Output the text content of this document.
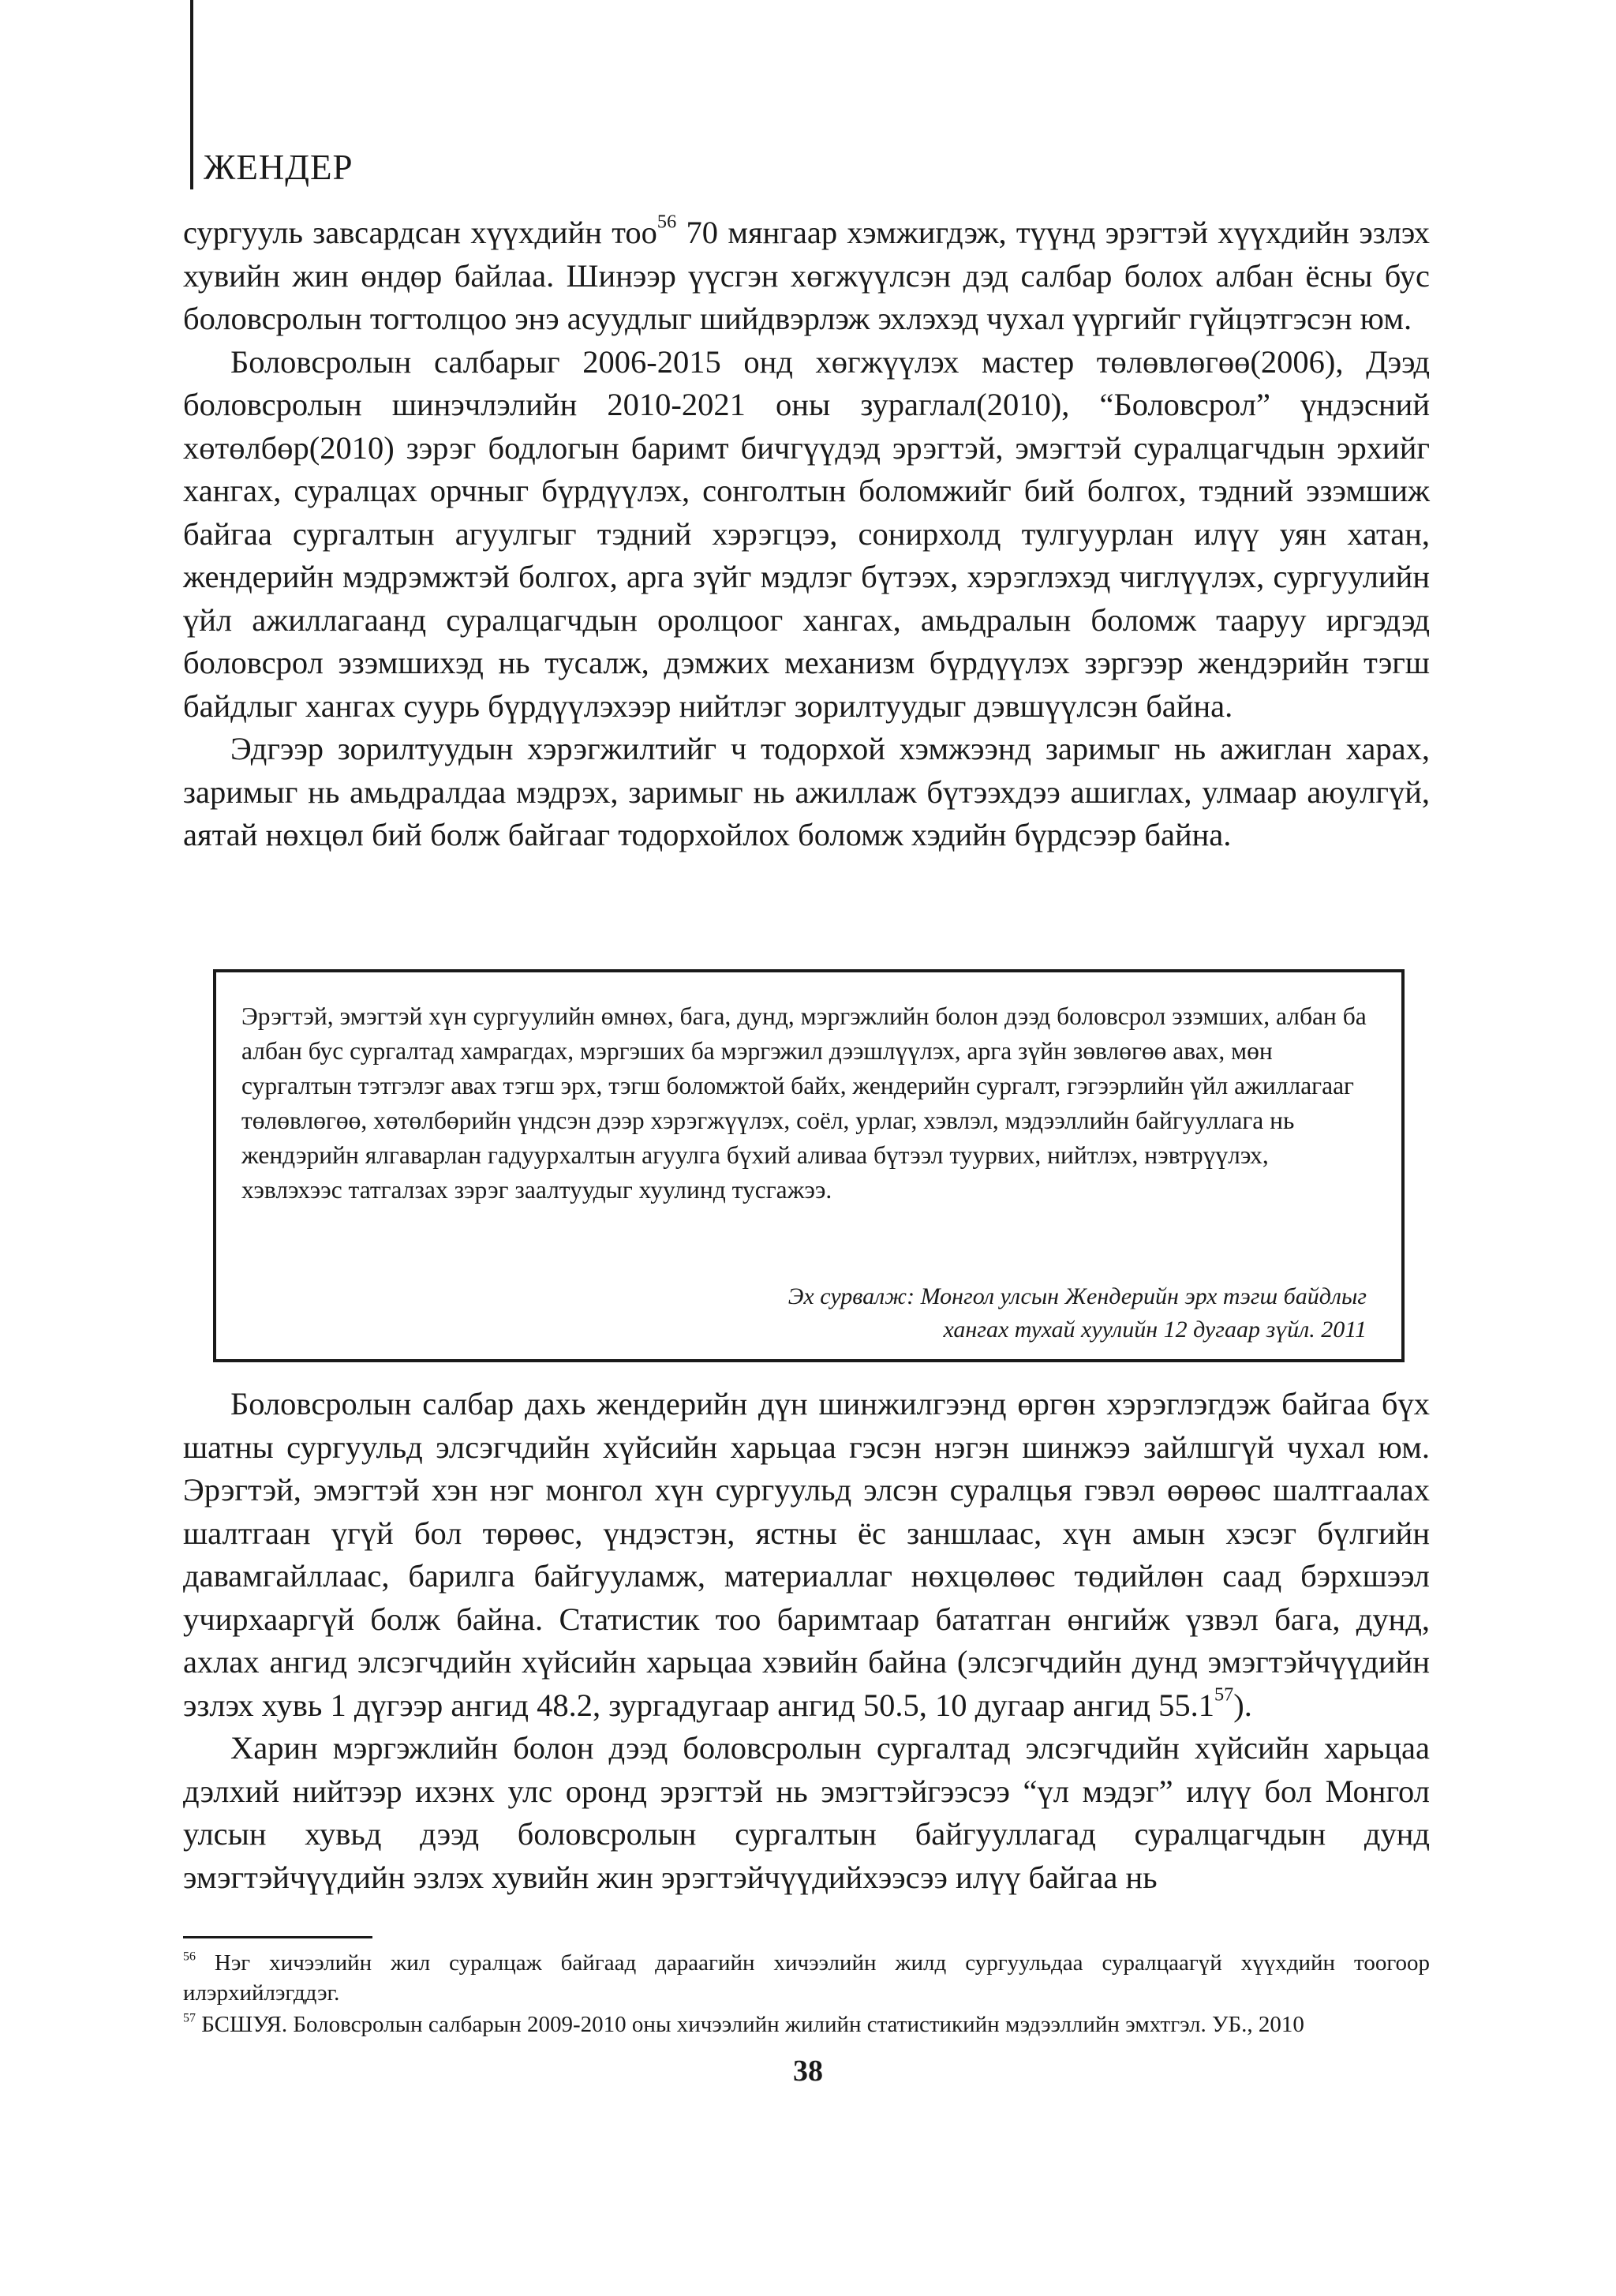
ЖЕНДЕР

сургууль завсардсан хүүхдийн тоо$^{56}$ 70 мянгаар хэмжигдэж, түүнд эрэгтэй хүүхдийн эзлэх хувийн жин өндөр байлаа. Шинээр үүсгэн хөгжүүлсэн дэд салбар болох албан ёсны бус боловсролын тогтолцоо энэ асуудлыг шийдвэрлэж эхлэхэд чухал үүргийг гүйцэтгэсэн юм.

Боловсролын салбарыг 2006-2015 онд хөгжүүлэх мастер төлөвлөгөө(2006), Дээд боловсролын шинэчлэлийн 2010-2021 оны зураглал(2010), “Боловсрол” үндэсний хөтөлбөр(2010) зэрэг бодлогын баримт бичгүүдэд эрэгтэй, эмэгтэй суралцагчдын эрхийг хангах, суралцах орчныг бүрдүүлэх, сонголтын боломжийг бий болгох, тэдний эзэмшиж байгаа сургалтын агуулгыг тэдний хэрэгцээ, сонирхолд тулгуурлан илүү уян хатан, жендерийн мэдрэмжтэй болгох, арга зүйг мэдлэг бүтээх, хэрэглэхэд чиглүүлэх, сургуулийн үйл ажиллагаанд суралцагчдын оролцоог хангах, амьдралын боломж тааруу иргэдэд боловсрол эзэмшихэд нь тусалж, дэмжих механизм бүрдүүлэх зэргээр жендэрийн тэгш байдлыг хангах суурь бүрдүүлэхээр нийтлэг зорилтуудыг дэвшүүлсэн байна.

Эдгээр зорилтуудын хэрэгжилтийг ч тодорхой хэмжээнд заримыг нь ажиглан харах, заримыг нь амьдралдаа мэдрэх, заримыг нь ажиллаж бүтээхдээ ашиглах, улмаар аюулгүй, аятай нөхцөл бий болж байгааг тодорхойлох боломж хэдийн бүрдсээр байна.

Эрэгтэй, эмэгтэй хүн сургуулийн өмнөх, бага, дунд, мэргэжлийн болон дээд боловсрол эзэмших, албан ба албан бус сургалтад хамрагдах, мэргэших ба мэргэжил дээшлүүлэх, арга зүйн зөвлөгөө авах, мөн сургалтын тэтгэлэг авах тэгш эрх, тэгш боломжтой байх, жендерийн сургалт, гэгээрлийн үйл ажиллагааг төлөвлөгөө, хөтөлбөрийн үндсэн дээр хэрэгжүүлэх, соёл, урлаг, хэвлэл, мэдээллийн байгууллага нь жендэрийн ялгаварлан гадуурхалтын агуулга бүхий аливаа бүтээл туурвих, нийтлэх, нэвтрүүлэх, хэвлэхээс татгалзах зэрэг заалтуудыг хуулинд тусгажээ.

Эх сурвалж: Монгол улсын Жендерийн эрх тэгш байдлыг
хангах тухай хуулийн 12 дугаар зүйл. 2011

Боловсролын салбар дахь жендерийн дүн шинжилгээнд өргөн хэрэглэгдэж байгаа бүх шатны сургуульд элсэгчдийн хүйсийн харьцаа гэсэн нэгэн шинжээ зайлшгүй чухал юм. Эрэгтэй, эмэгтэй хэн нэг монгол хүн сургуульд элсэн суралцья гэвэл өөрөөс шалтгаалах шалтгаан үгүй бол төрөөс, үндэстэн, ястны ёс заншлаас, хүн амын хэсэг бүлгийн давамгайллаас, барилга байгууламж, материаллаг нөхцөлөөс төдийлөн саад бэрхшээл учирхааргүй болж байна. Статистик тоо баримтаар бататган өнгийж үзвэл бага, дунд, ахлах ангид элсэгчдийн хүйсийн харьцаа хэвийн байна (элсэгчдийн дунд эмэгтэйчүүдийн эзлэх хувь 1 дүгээр ангид 48.2, зургадугаар ангид 50.5, 10 дугаар ангид 55.1$^{57}$).

Харин мэргэжлийн болон дээд боловсролын сургалтад элсэгчдийн хүйсийн харьцаа дэлхий нийтээр ихэнх улс оронд эрэгтэй нь эмэгтэйгээсээ “үл мэдэг” илүү бол Монгол улсын хувьд дээд боловсролын сургалтын байгууллагад суралцагчдын дунд эмэгтэйчүүдийн эзлэх хувийн жин эрэгтэйчүүдийхээсээ илүү байгаа нь

$^{56}$ Нэг хичээлийн жил суралцаж байгаад дараагийн хичээлийн жилд сургуульдаа суралцаагүй хүүхдийн тоогоор илэрхийлэгддэг.

$^{57}$ БСШУЯ. Боловсролын салбарын 2009-2010 оны хичээлийн жилийн статистикийн мэдээллийн эмхтгэл. УБ., 2010

38
